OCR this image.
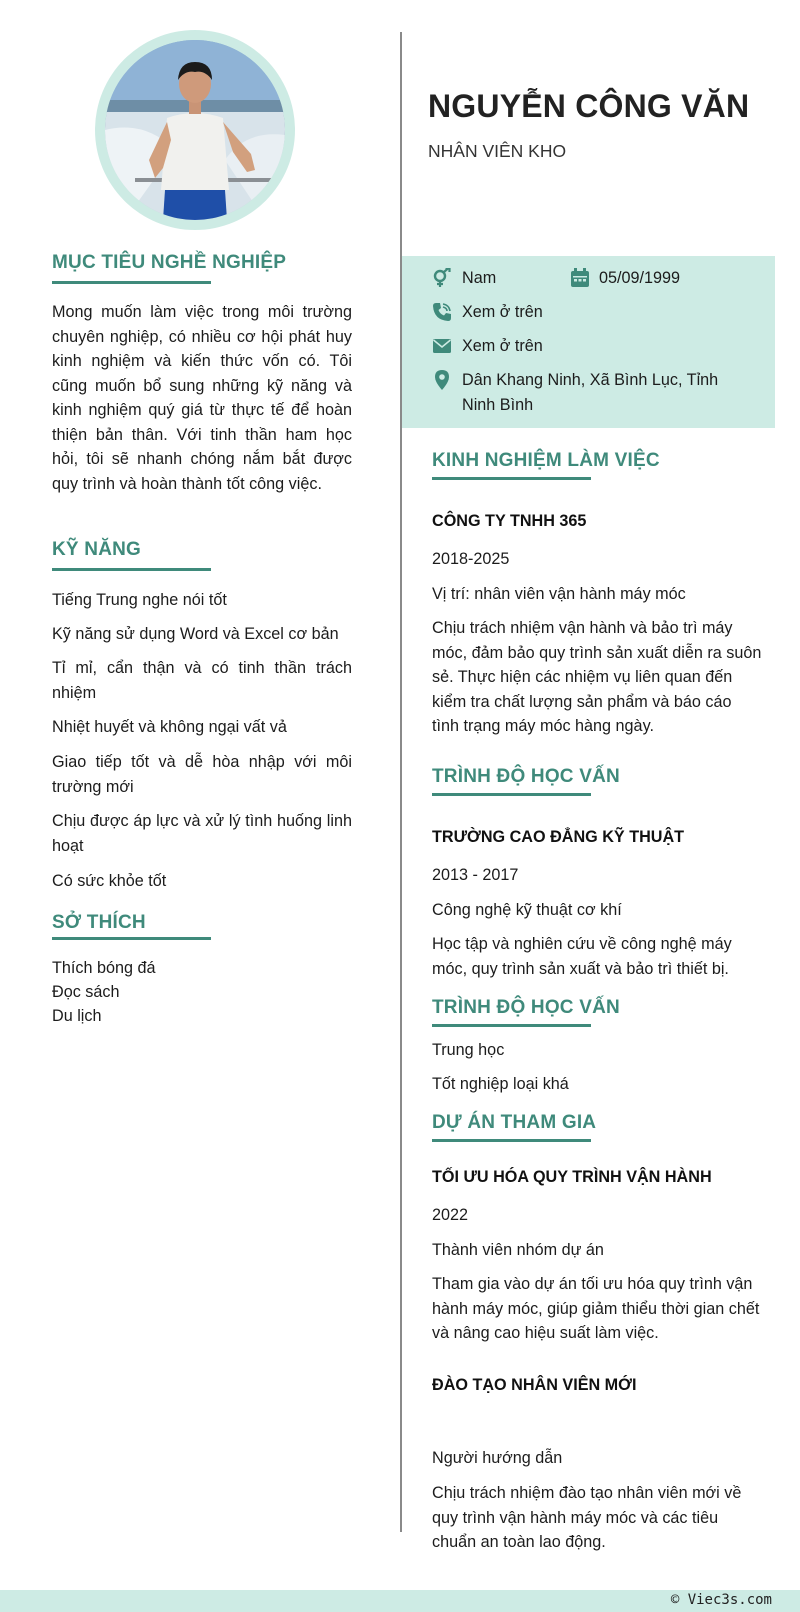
MỤC TIÊU NGHỀ NGHIỆP
Mong muốn làm việc trong môi trường chuyên nghiệp, có nhiều cơ hội phát huy kinh nghiệm và kiến thức vốn có. Tôi cũng muốn bổ sung những kỹ năng và kinh nghiệm quý giá từ thực tế để hoàn thiện bản thân. Với tinh thần ham học hỏi, tôi sẽ nhanh chóng nắm bắt được quy trình và hoàn thành tốt công việc.
KỸ NĂNG
Tiếng Trung nghe nói tốt
Kỹ năng sử dụng Word và Excel cơ bản
Tỉ mỉ, cẩn thận và có tinh thần trách nhiệm
Nhiệt huyết và không ngại vất vả
Giao tiếp tốt và dễ hòa nhập với môi trường mới
Chịu được áp lực và xử lý tình huống linh hoạt
Có sức khỏe tốt
SỞ THÍCH
Thích bóng đá
Đọc sách
Du lịch
NGUYỄN CÔNG VĂN
NHÂN VIÊN KHO
Nam	05/09/1999
Xem ở trên
Xem ở trên
Dân Khang Ninh, Xã Bình Lục, Tỉnh Ninh Bình
KINH NGHIỆM LÀM VIỆC
CÔNG TY TNHH 365
2018-2025
Vị trí: nhân viên vận hành máy móc
Chịu trách nhiệm vận hành và bảo trì máy móc, đảm bảo quy trình sản xuất diễn ra suôn sẻ. Thực hiện các nhiệm vụ liên quan đến kiểm tra chất lượng sản phẩm và báo cáo tình trạng máy móc hàng ngày.
TRÌNH ĐỘ HỌC VẤN
TRƯỜNG CAO ĐẲNG KỸ THUẬT
2013 - 2017
Công nghệ kỹ thuật cơ khí
Học tập và nghiên cứu về công nghệ máy móc, quy trình sản xuất và bảo trì thiết bị.
TRÌNH ĐỘ HỌC VẤN
Trung học
Tốt nghiệp loại khá
DỰ ÁN THAM GIA
TỐI ƯU HÓA QUY TRÌNH VẬN HÀNH
2022
Thành viên nhóm dự án
Tham gia vào dự án tối ưu hóa quy trình vận hành máy móc, giúp giảm thiểu thời gian chết và nâng cao hiệu suất làm việc.
ĐÀO TẠO NHÂN VIÊN MỚI
Người hướng dẫn
Chịu trách nhiệm đào tạo nhân viên mới về quy trình vận hành máy móc và các tiêu chuẩn an toàn lao động.
© Viec3s.com
